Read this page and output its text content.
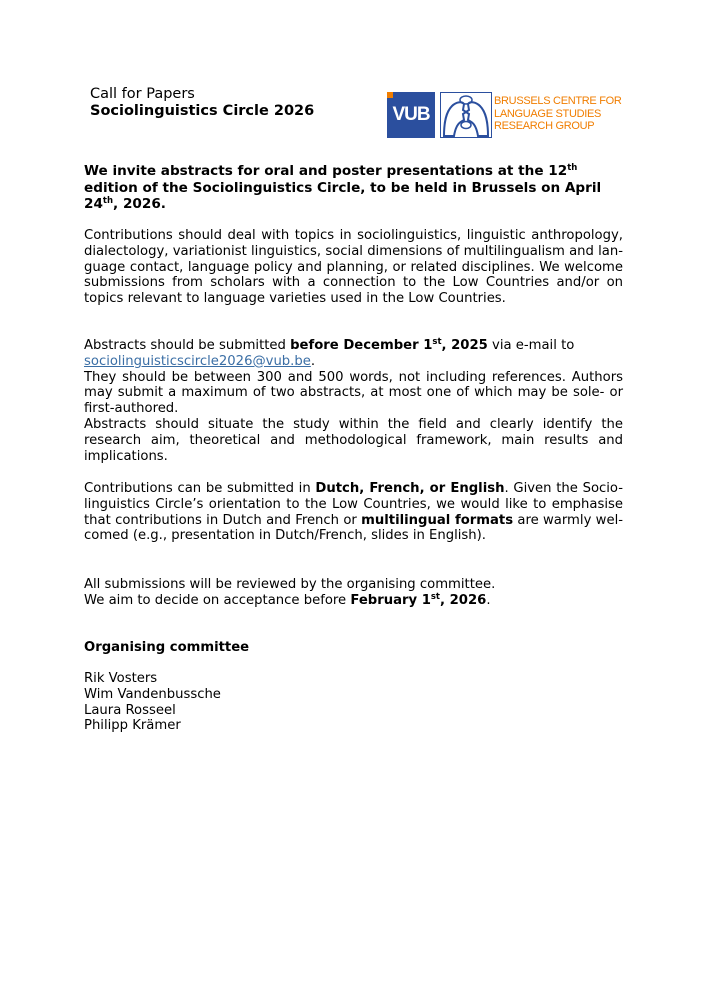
Call for Papers
Sociolinguistics Circle 2026	VUB
BRUSSELS CENTRE FOR
LANGUAGE STUDIES
RESEARCH GROUP
We invite abstracts for oral and poster presentations at the 12th edition of the Sociolinguistics Circle, to be held in Brussels on April 24th, 2026.

Contributions should deal with topics in sociolinguistics, linguistic anthropology, dialectology, variationist linguistics, social dimensions of multilingualism and lan-guage contact, language policy and planning, or related disciplines. We welcome submissions from scholars with a connection to the Low Countries and/or on topics relevant to language varieties used in the Low Countries.

Abstracts should be submitted before December 1st, 2025 via e-mail to
sociolinguisticscircle2026@vub.be.

They should be between 300 and 500 words, not including references. Authors may submit a maximum of two abstracts, at most one of which may be sole- or first-authored.

Abstracts should situate the study within the field and clearly identify the research aim, theoretical and methodological framework, main results and implications.

Contributions can be submitted in Dutch, French, or English. Given the Socio-linguistics Circle’s orientation to the Low Countries, we would like to emphasise that contributions in Dutch and French or multilingual formats are warmly wel-comed (e.g., presentation in Dutch/French, slides in English).
All submissions will be reviewed by the organising committee.
We aim to decide on acceptance before February 1st, 2026.
Organising committee
Rik Vosters
Wim Vandenbussche
Laura Rosseel
Philipp Krämer
